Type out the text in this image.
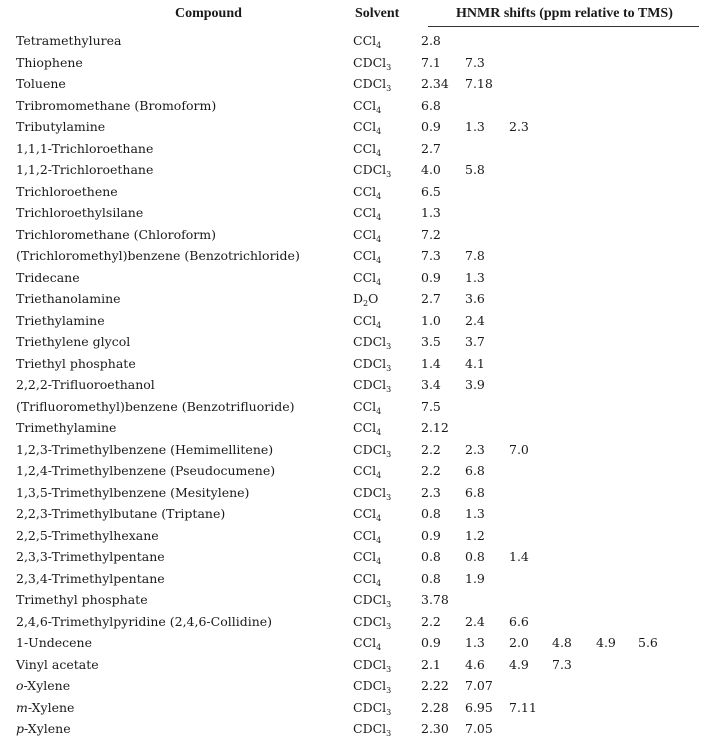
Compound	Solvent	HNMR shifts (ppm relative to TMS)
Tetramethylurea	CCl$_4$	2.8
Thiophene	CDCl$_3$ 7.1 7.3
Toluene	CDCl$_3$ 2.34 7.18
Tribromomethane (Bromoform)	CCl$_4$	6.8
Tributylamine	CCl$_4$	0.9 1.3 2.3
1,1,1-Trichloroethane	CCl$_4$	2.7
1,1,2-Trichloroethane	CDCl$_3$ 4.0 5.8
Trichloroethene	CCl$_4$	6.5
Trichloroethylsilane	CCl$_4$	1.3
Trichloromethane (Chloroform)	CCl$_4$	7.2
(Trichloromethyl)benzene (Benzotrichloride)	CCl$_4$	7.3 7.8
Tridecane	CCl$_4$	0.9 1.3
Triethanolamine	$D_2O$	2.7 3.6
Triethylamine	CCl$_4$	1.0 2.4
Triethylene glycol	CDCl$_3$ 3.5 3.7
Triethyl phosphate	CDCl$_3$ 1.4 4.1
2,2,2-Trifluoroethanol	CDCl$_3$ 3.4 3.9
(Trifluoromethyl)benzene (Benzotrifluoride)	CCl$_4$	7.5
Trimethylamine	CCl$_4$	2.12
1,2,3-Trimethylbenzene (Hemimellitene)	CDCl$_3$ 2.2 2.3 7.0
1,2,4-Trimethylbenzene (Pseudocumene)	CCl$_4$	2.2 6.8
1,3,5-Trimethylbenzene (Mesitylene)	CDCl$_3$ 2.3 6.8
2,2,3-Trimethylbutane (Triptane)	CCl$_4$	0.8 1.3
2,2,5-Trimethylhexane	CCl$_4$	0.9 1.2
2,3,3-Trimethylpentane	CCl$_4$	0.8 0.8 1.4
2,3,4-Trimethylpentane	CCl$_4$	0.8 1.9
Trimethyl phosphate	CDCl$_3$ 3.78
2,4,6-Trimethylpyridine (2,4,6-Collidine)	CDCl$_3$ 2.2 2.4 6.6
1-Undecene	CCl$_4$	0.9 1.3 2.0 4.8 4.9 5.6
Vinyl acetate	CDCl$_3$ 2.1 4.6 4.9 7.3
o-Xylene	CDCl$_3$ 2.22 7.07
m-Xylene	CDCl$_3$ 2.28 6.95 7.11
p-Xylene	CDCl$_3$ 2.30 7.05
